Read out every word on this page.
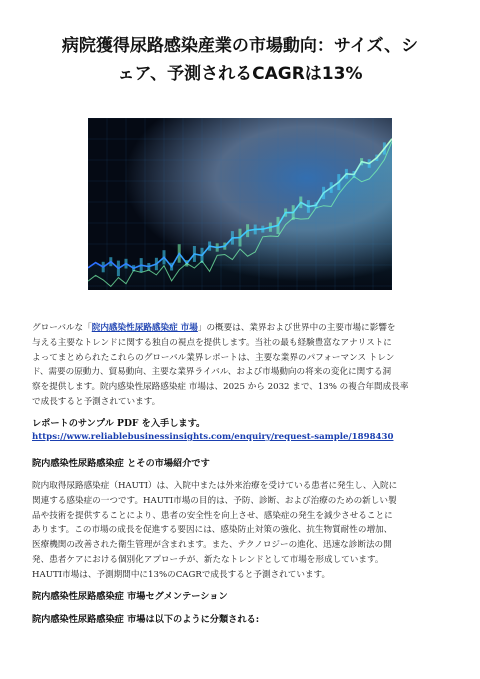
病院獲得尿路感染産業の市場動向：サイズ、シ
ェア、予測されるCAGRは13%

グローバルな「院内感染性尿路感染症 市場」の概要は、業界および世界中の主要市場に影響を
与える主要なトレンドに関する独自の視点を提供します。当社の最も経験豊富なアナリストに
よってまとめられたこれらのグローバル業界レポートは、主要な業界のパフォーマンス トレン
ド、需要の原動力、貿易動向、主要な業界ライバル、および市場動向の将来の変化に関する洞
察を提供します。院内感染性尿路感染症 市場は、2025 から 2032 まで、13% の複合年間成長率
で成長すると予測されています。

レポートのサンプル PDF を入手します。
https://www.reliablebusinessinsights.com/enquiry/request-sample/1898430
院内感染性尿路感染症 とその市場紹介です

院内取得尿路感染症（HAUTI）は、入院中または外来治療を受けている患者に発生し、入院に
関連する感染症の一つです。HAUTI市場の目的は、予防、診断、および治療のための新しい製
品や技術を提供することにより、患者の安全性を向上させ、感染症の発生を減少させることに
あります。この市場の成長を促進する要因には、感染防止対策の強化、抗生物質耐性の増加、
医療機関の改善された衛生管理が含まれます。また、テクノロジーの進化、迅速な診断法の開
発、患者ケアにおける個別化アプローチが、新たなトレンドとして市場を形成しています。
HAUTI市場は、予測期間中に13%のCAGRで成長すると予測されています。

院内感染性尿路感染症 市場セグメンテーション
院内感染性尿路感染症 市場は以下のように分類される:
